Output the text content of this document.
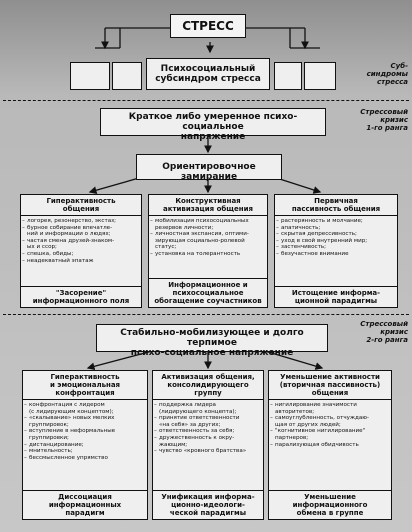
СТРЕСС
Психосоциальный
субсиндром стресса
Суб-
синдромы
стресса
Стрессовый
кризис
1-го ранга
Краткое либо умеренное психо-социальное
напряжение
Ориентировочное замирание
Гиперактивность
общения
– логорея, резонерство, экстаз;
– бурное собирание впечатле-
ний и информации о людях;
– частая смена друзей-знаком-
ых и ссор;
– спешка, обиды;
– неадекватный эпатаж
"Засорение"
информационного поля
Конструктивная
активизация общения
– мобилизация психосоциальных
резервов личности;
– личностная экспансия, оптими-
зирующая социально-ролевой
статус;
– установка на толерантность
Информационное и
психосоциальное
обогащение соучастников
Первичная
пассивность общения
– растерянность и молчание;
– апатичность;
– скрытая депрессивность;
– уход в свой внутренний мир;
– застенчивость;
– безучастное внимание
Истощение информа-
ционной парадигмы
Стрессовый
кризис
2-го ранга
Стабильно-мобилизующее и долго терпимое
психо-социальное напряжение
Гиперактивность
и эмоциональная
конфронтация
– конфронтация с лидером
(с лидирующим концептом);
– «скалывание» новых мелких
группировок;
– вступление в неформальные
группировки;
– дистанцирование;
– мнительность;
– бессмысленное упрямство
Диссоциация
информационных
парадигм
Активизация общения,
консолидирующего
группу
– поддержка лидера
(лидирующего концепта);
– принятие ответственности
«на себя» за других;
– ответственность за себя;
– дружественность к окру-
жающим;
– чувство «кровного братства»
Унификация информа-
ционно-идеологи-
ческой парадигмы
Уменьшение активности
(вторичная пассивность)
общения
– нигилирование значимости
авторитетов;
– самоуглубленность, отчуждаю-
щая от других людей;
– "когнитивное нигилирование"
партнеров;
– парализующая обидчивость
Уменьшение
информационного
обмена в группе
